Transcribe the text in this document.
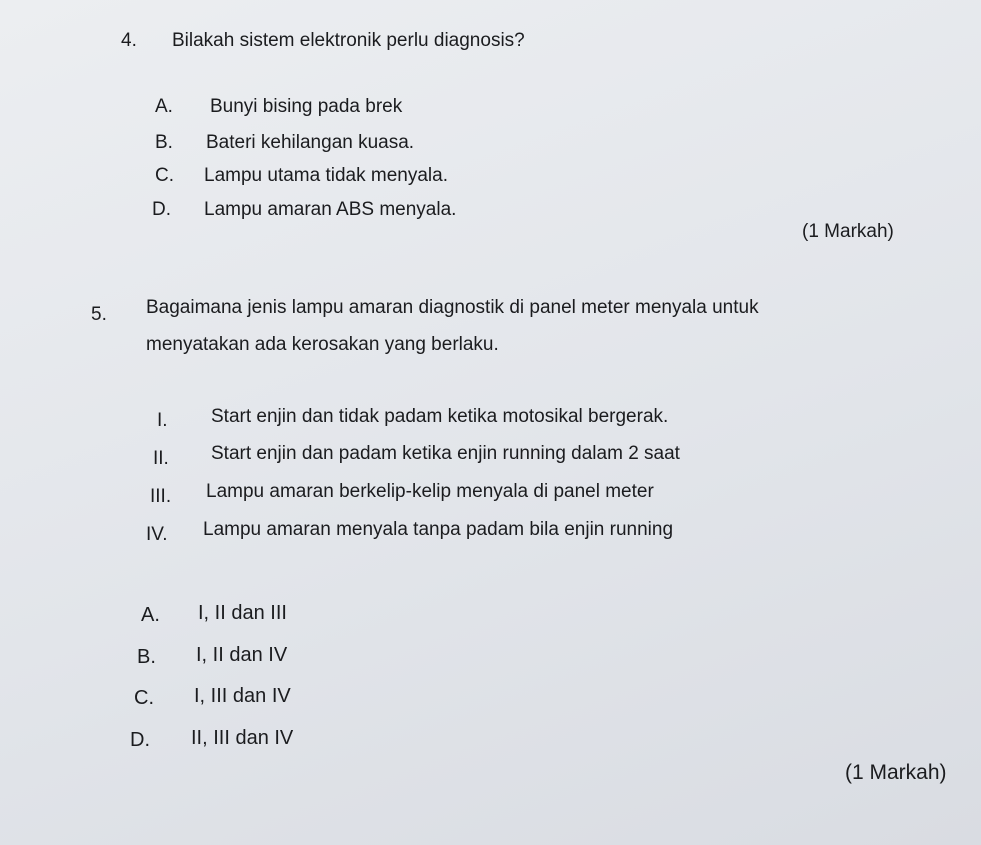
4. Bilakah sistem elektronik perlu diagnosis?
A. Bunyi bising pada brek
B. Bateri kehilangan kuasa.
C. Lampu utama tidak menyala.
D. Lampu amaran ABS menyala.
(1 Markah)
5. Bagaimana jenis lampu amaran diagnostik di panel meter menyala untuk
menyatakan ada kerosakan yang berlaku.
I. Start enjin dan tidak padam ketika motosikal bergerak.
II. Start enjin dan padam ketika enjin running dalam 2 saat
III. Lampu amaran berkelip-kelip menyala di panel meter
IV. Lampu amaran menyala tanpa padam bila enjin running
A. I, II dan III
B. I, II dan IV
C. I, III dan IV
D. II, III dan IV
(1 Markah)
